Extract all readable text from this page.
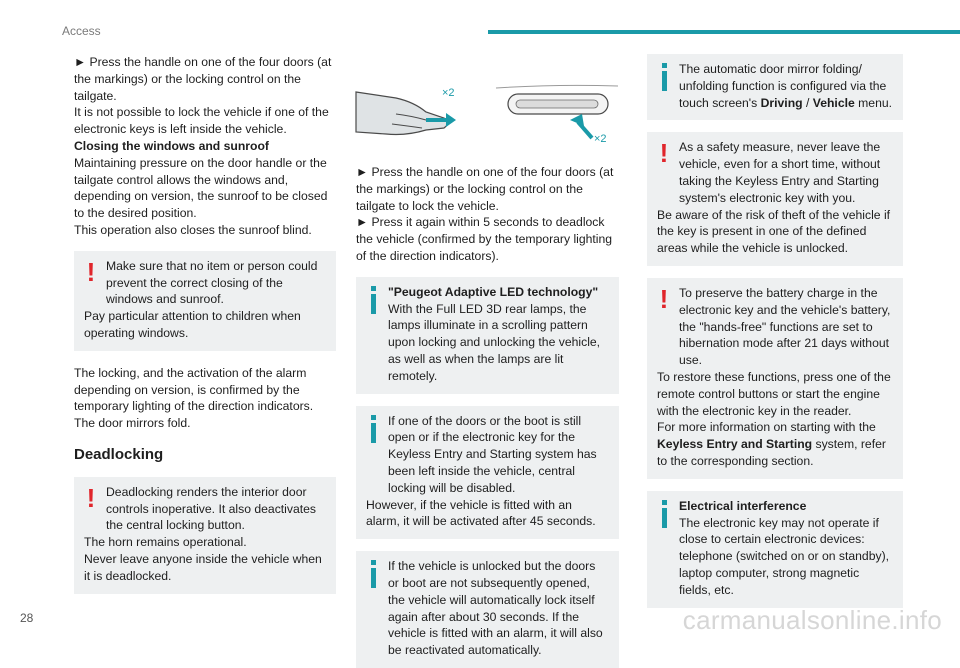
Access

► Press the handle on one of the four doors (at the markings) or the locking control on the tailgate.

It is not possible to lock the vehicle if one of the electronic keys is left inside the vehicle.

Closing the windows and sunroof

Maintaining pressure on the door handle or the tailgate control allows the windows and, depending on version, the sunroof to be closed to the desired position.

This operation also closes the sunroof blind.

! Make sure that no item or person could prevent the correct closing of the windows and sunroof.

Pay particular attention to children when operating windows.

The locking, and the activation of the alarm depending on version, is confirmed by the temporary lighting of the direction indicators.

The door mirrors fold.

Deadlocking
! Deadlocking renders the interior door controls inoperative. It also deactivates the central locking button.

The horn remains operational.

Never leave anyone inside the vehicle when it is deadlocked.

×2
×2

► Press the handle on one of the four doors (at the markings) or the locking control on the tailgate to lock the vehicle.

► Press it again within 5 seconds to deadlock the vehicle (confirmed by the temporary lighting of the direction indicators).

"Peugeot Adaptive LED technology"

With the Full LED 3D rear lamps, the lamps illuminate in a scrolling pattern upon locking and unlocking the vehicle, as well as when the lamps are lit remotely.

If one of the doors or the boot is still open or if the electronic key for the Keyless Entry and Starting system has been left inside the vehicle, central locking will be disabled.

However, if the vehicle is fitted with an alarm, it will be activated after 45 seconds.

If the vehicle is unlocked but the doors or boot are not subsequently opened, the vehicle will automatically lock itself again after about 30 seconds. If the vehicle is fitted with an alarm, it will also be reactivated automatically.

The automatic door mirror folding/ unfolding function is configured via the touch screen's Driving / Vehicle menu.

! As a safety measure, never leave the vehicle, even for a short time, without taking the Keyless Entry and Starting system's electronic key with you.

Be aware of the risk of theft of the vehicle if the key is present in one of the defined areas while the vehicle is unlocked.

! To preserve the battery charge in the electronic key and the vehicle's battery, the "hands-free" functions are set to hibernation mode after 21 days without use.

To restore these functions, press one of the remote control buttons or start the engine with the electronic key in the reader.

For more information on starting with the Keyless Entry and Starting system, refer to the corresponding section.

Electrical interference

The electronic key may not operate if close to certain electronic devices: telephone (switched on or on standby), laptop computer, strong magnetic fields, etc.

28	carmanualsonline.info
